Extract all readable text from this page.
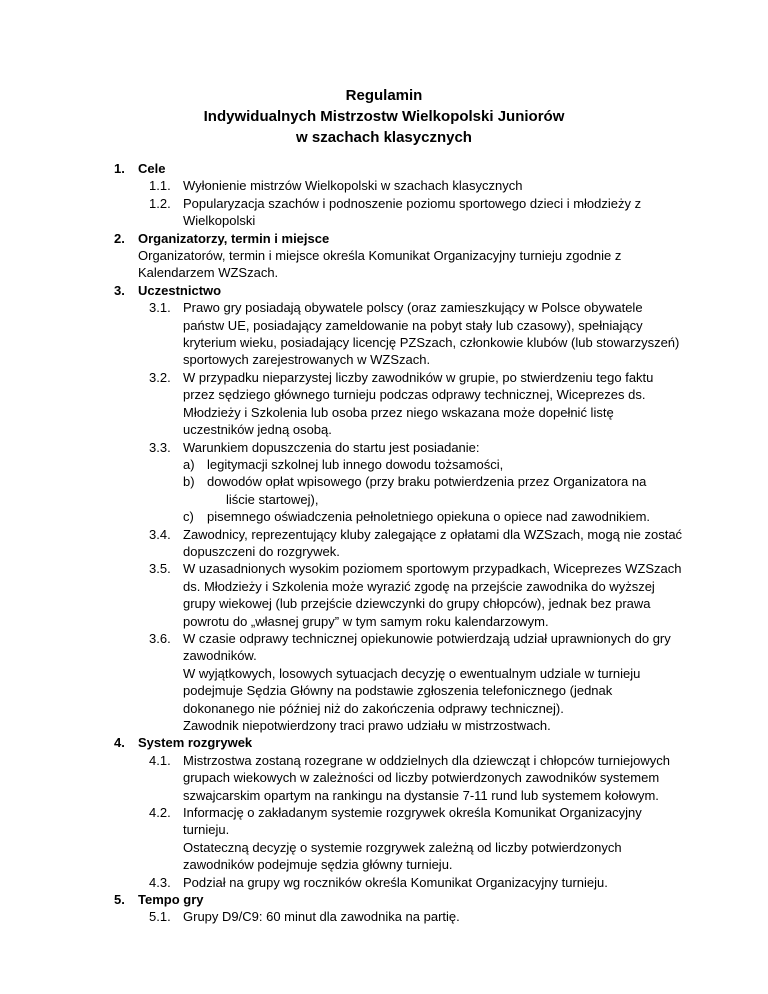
Regulamin
Indywidualnych Mistrzostw Wielkopolski Juniorów
w szachach klasycznych
1.	Cele
1.1. Wyłonienie mistrzów Wielkopolski w szachach klasycznych
1.2. Popularyzacja szachów i podnoszenie poziomu sportowego dzieci i młodzieży z
Wielkopolski
2.	Organizatorzy, termin i miejsce
Organizatorów, termin i miejsce określa Komunikat Organizacyjny turnieju zgodnie z
Kalendarzem WZSzach.
3.	Uczestnictwo
3.1. Prawo gry posiadają obywatele polscy (oraz zamieszkujący w Polsce obywatele
państw UE, posiadający zameldowanie na pobyt stały lub czasowy), spełniający
kryterium wieku, posiadający licencję PZSzach, członkowie klubów (lub stowarzyszeń)
sportowych zarejestrowanych w WZSzach.
3.2. W przypadku nieparzystej liczby zawodników w grupie, po stwierdzeniu tego faktu
przez sędziego głównego turnieju podczas odprawy technicznej, Wiceprezes ds.
Młodzieży i Szkolenia lub osoba przez niego wskazana może dopełnić listę
uczestników jedną osobą.
3.3. Warunkiem dopuszczenia do startu jest posiadanie:
a) legitymacji szkolnej lub innego dowodu tożsamości,
b) dowodów opłat wpisowego (przy braku potwierdzenia przez Organizatora na
liście startowej),
c) pisemnego oświadczenia pełnoletniego opiekuna o opiece nad zawodnikiem.
3.4. Zawodnicy, reprezentujący kluby zalegające z opłatami dla WZSzach, mogą nie zostać
dopuszczeni do rozgrywek.
3.5. W uzasadnionych wysokim poziomem sportowym przypadkach, Wiceprezes WZSzach
ds. Młodzieży i Szkolenia może wyrazić zgodę na przejście zawodnika do wyższej
grupy wiekowej (lub przejście dziewczynki do grupy chłopców), jednak bez prawa
powrotu do „własnej grupy” w tym samym roku kalendarzowym.
3.6. W czasie odprawy technicznej opiekunowie potwierdzają udział uprawnionych do gry
zawodników.
W wyjątkowych, losowych sytuacjach decyzję o ewentualnym udziale w turnieju
podejmuje Sędzia Główny na podstawie zgłoszenia telefonicznego (jednak
dokonanego nie później niż do zakończenia odprawy technicznej).
Zawodnik niepotwierdzony traci prawo udziału w mistrzostwach.
4.	System rozgrywek
4.1. Mistrzostwa zostaną rozegrane w oddzielnych dla dziewcząt i chłopców turniejowych
grupach wiekowych w zależności od liczby potwierdzonych zawodników systemem
szwajcarskim opartym na rankingu na dystansie 7-11 rund lub systemem kołowym.
4.2. Informację o zakładanym systemie rozgrywek określa Komunikat Organizacyjny
turnieju.
Ostateczną decyzję o systemie rozgrywek zależną od liczby potwierdzonych
zawodników podejmuje sędzia główny turnieju.
4.3. Podział na grupy wg roczników określa Komunikat Organizacyjny turnieju.
5.	Tempo gry
5.1. Grupy D9/C9: 60 minut dla zawodnika na partię.
